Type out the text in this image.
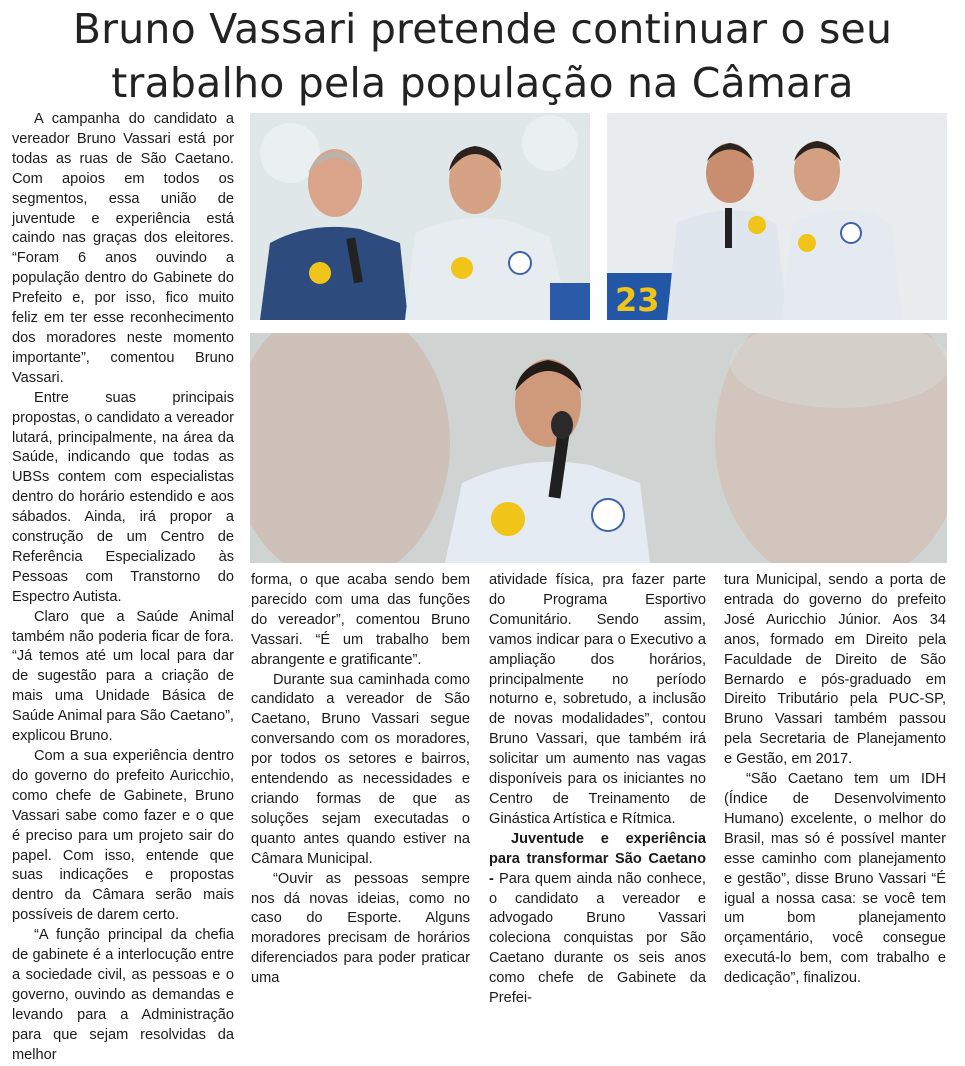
Bruno Vassari pretende continuar o seu
trabalho pela população na Câmara

A campanha do candidato a vereador Bruno Vassari está por todas as ruas de São Caetano. Com apoios em todos os segmentos, essa união de juventude e experiência está caindo nas graças dos eleitores. “Foram 6 anos ouvindo a população dentro do Gabinete do Prefeito e, por isso, fico muito feliz em ter esse reconhecimento dos moradores neste momento importante”, comentou Bruno Vassari.

Entre suas principais propostas, o candidato a vereador lutará, principalmente, na área da Saúde, indicando que todas as UBSs contem com especialistas dentro do horário estendido e aos sábados. Ainda, irá propor a construção de um Centro de Referência Especializado às Pessoas com Transtorno do Espectro Autista.

Claro que a Saúde Animal também não poderia ficar de fora. “Já temos até um local para dar de sugestão para a criação de mais uma Unidade Básica de Saúde Animal para São Caetano”, explicou Bruno.

Com a sua experiência dentro do governo do prefeito Auricchio, como chefe de Gabinete, Bruno Vassari sabe como fazer e o que é preciso para um projeto sair do papel. Com isso, entende que suas indicações e propostas dentro da Câmara serão mais possíveis de darem certo.

“A função principal da chefia de gabinete é a interlocução entre a sociedade civil, as pessoas e o governo, ouvindo as demandas e levando para a Administração para que sejam resolvidas da melhor

23

forma, o que acaba sendo bem parecido com uma das funções do vereador”, comentou Bruno Vassari. “É um trabalho bem abrangente e gratificante”.

Durante sua caminhada como candidato a vereador de São Caetano, Bruno Vassari segue conversando com os moradores, por todos os setores e bairros, entendendo as necessidades e criando formas de que as soluções sejam executadas o quanto antes quando estiver na Câmara Municipal.

“Ouvir as pessoas sempre nos dá novas ideias, como no caso do Esporte. Alguns moradores precisam de horários diferenciados para poder praticar uma

atividade física, pra fazer parte do Programa Esportivo Comunitário. Sendo assim, vamos indicar para o Executivo a ampliação dos horários, principalmente no período noturno e, sobretudo, a inclusão de novas modalidades”, contou Bruno Vassari, que também irá solicitar um aumento nas vagas disponíveis para os iniciantes no Centro de Treinamento de Ginástica Artística e Rítmica.

Juventude e experiência para transformar São Caetano - Para quem ainda não conhece, o candidato a vereador e advogado Bruno Vassari coleciona conquistas por São Caetano durante os seis anos como chefe de Gabinete da Prefei-

tura Municipal, sendo a porta de entrada do governo do prefeito José Auricchio Júnior. Aos 34 anos, formado em Direito pela Faculdade de Direito de São Bernardo e pós-graduado em Direito Tributário pela PUC-SP, Bruno Vassari também passou pela Secretaria de Planejamento e Gestão, em 2017.

“São Caetano tem um IDH (Índice de Desenvolvimento Humano) excelente, o melhor do Brasil, mas só é possível manter esse caminho com planejamento e gestão”, disse Bruno Vassari “É igual a nossa casa: se você tem um bom planejamento orçamentário, você consegue executá-lo bem, com trabalho e dedicação”, finalizou.
